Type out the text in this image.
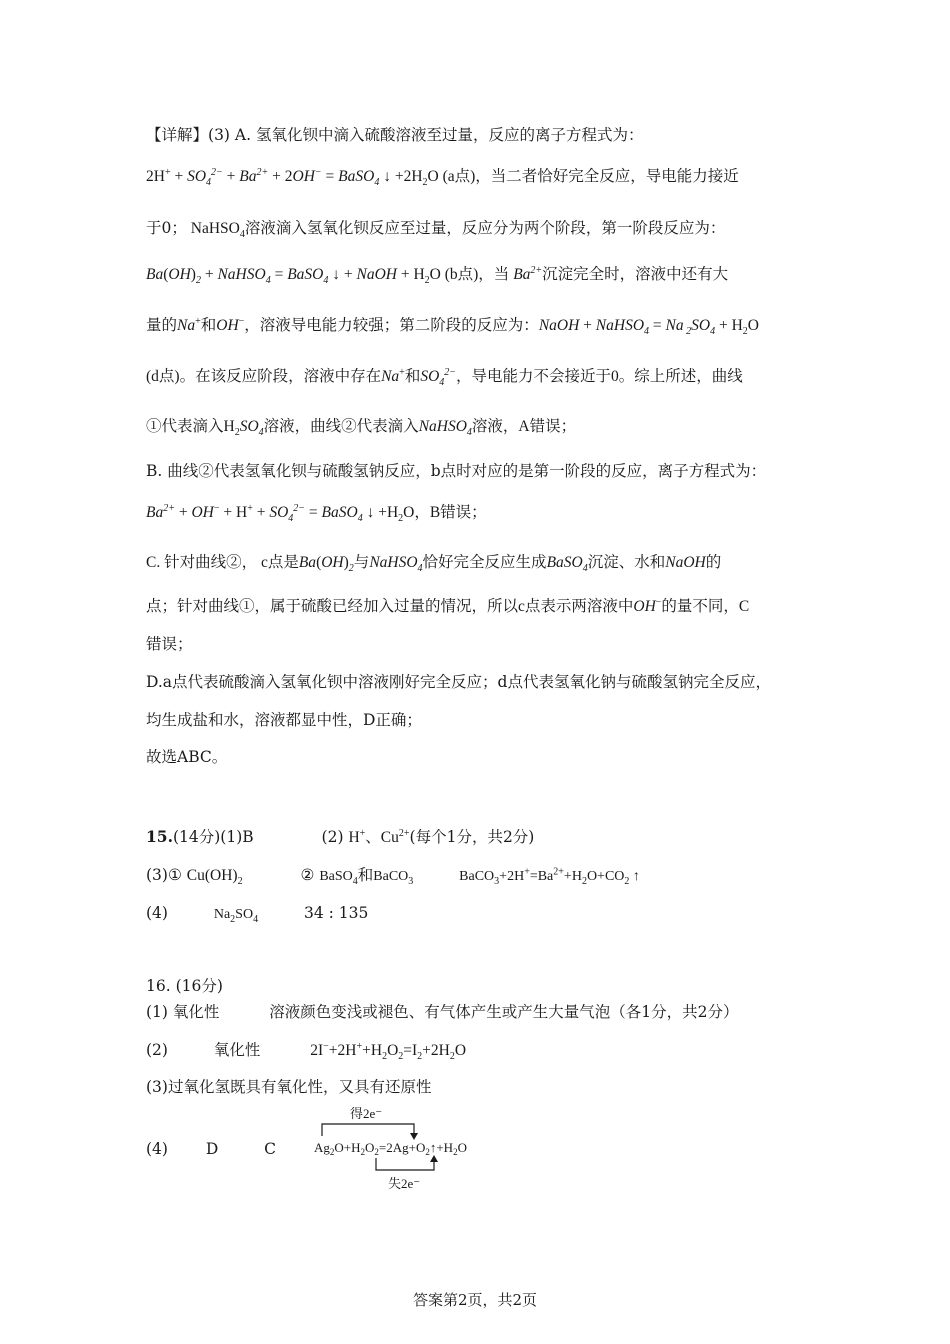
【详解】(3) A. 氢氧化钡中滴入硫酸溶液至过量，反应的离子方程式为：
$2H^+ + SO_4^{2-} + Ba^{2+} + 2OH^-$ = BaSO$_4$ ↓ $+2H_2O$ (a点)，当二者恰好完全反应，导电能力接近
于0； NaHSO$_4$溶液滴入氢氧化钡反应至过量，反应分为两个阶段，第一阶段反应为：
$Ba(OH)_2$ + NaHSO$_4$ = BaSO$_4$ ↓ + NaOH + $H_2O$ (b点)，当 $Ba^{2+}$沉淀完全时，溶液中还有大
量的Na+和OH−，溶液导电能力较强；第二阶段的反应为：NaOH + NaHSO$_4$ = Na $_2SO_4 + H_2O$
(d点)。在该反应阶段，溶液中存在Na+和$SO_4^{2-}$，导电能力不会接近于0。综上所述，曲线
①代表滴入$H_2SO_4$溶液，曲线②代表滴入NaHSO$_4$溶液，A错误；
B. 曲线②代表氢氧化钡与硫酸氢钠反应，b点时对应的是第一阶段的反应，离子方程式为：
$Ba^{2+} + OH^- + H^+ + SO_4^{2-}$ = BaSO$_4$ ↓ $+H_2O$，B错误；
C. 针对曲线②， c点是$Ba(OH)_2$与NaHSO$_4$恰好完全反应生成BaSO$_4$沉淀、水和NaOH的
点；针对曲线①，属于硫酸已经加入过量的情况，所以c点表示两溶液中OH−的量不同，C
错误；
D.a点代表硫酸滴入氢氧化钡中溶液刚好完全反应；d点代表氢氧化钠与硫酸氢钠完全反应，
均生成盐和水，溶液都显中性，D正确；
故选ABC。
15.(14分)(1)B	(2) H+、$Cu^{2+}$(每个1分，共2分)
(3)① $Cu(OH)_2$	② BaSO$_4$和BaCO$_3$	$BaCO_3+2H^+=Ba^{2+}+H_2O+CO_2$ ↑
(4)	$Na_2SO_4$	34 : 135
16. (16分)
(1) 氧化性	溶液颜色变浅或褪色、有气体产生或产生大量气泡（各1分，共2分）
(2)	氧化性	$2I^-+2H^++H_2O_2=I_2+2H_2O$
(3)过氧化氢既具有氧化性，又具有还原性
(4) D	C
得2e⁻
$Ag_2O+H_2O_2=2Ag+O_2↑+H_2O$
失2e⁻
答案第2页，共2页
